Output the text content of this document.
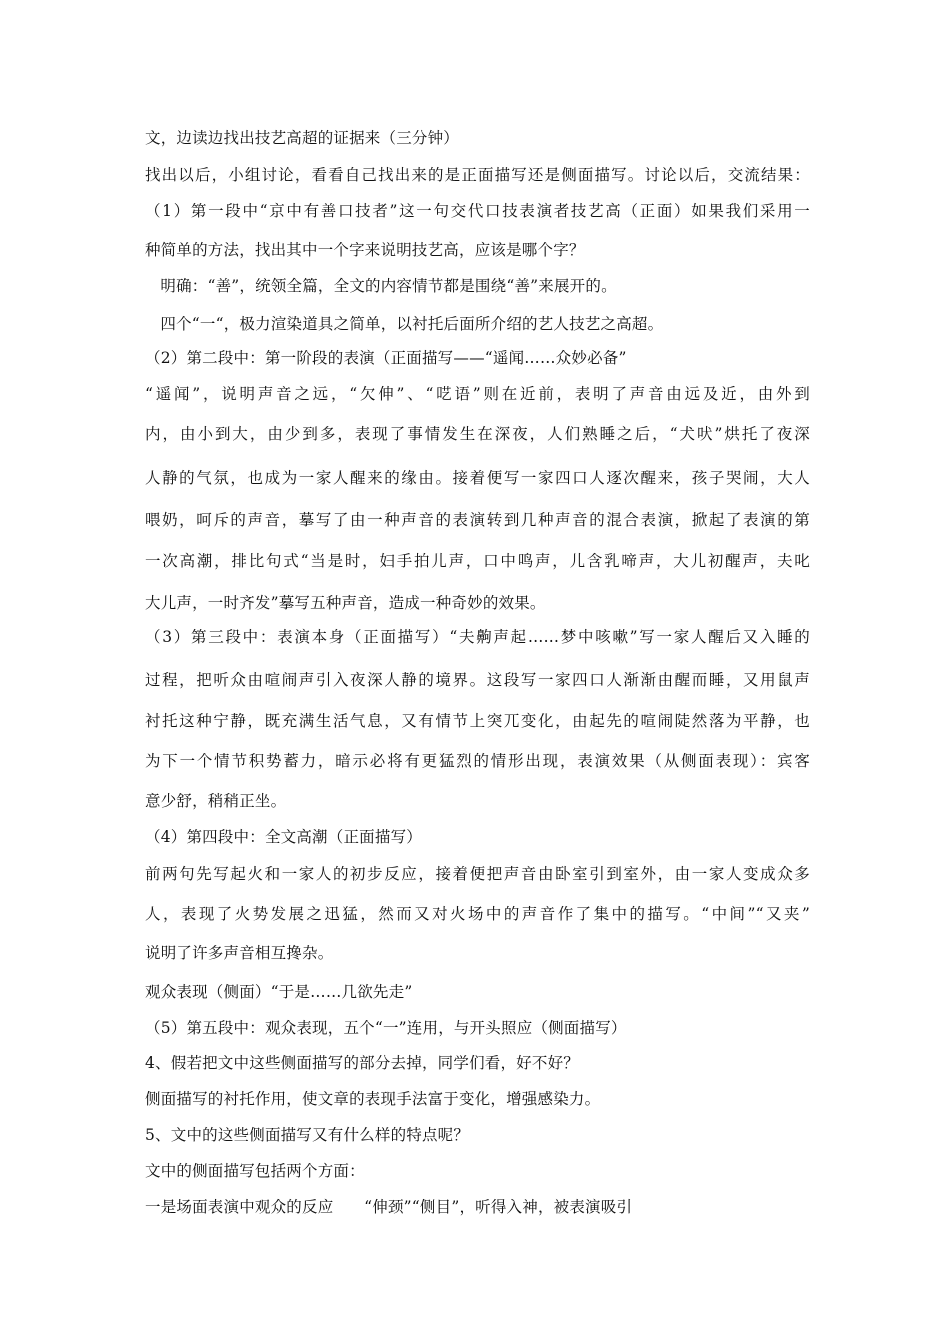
文，边读边找出技艺高超的证据来（三分钟）
找出以后，小组讨论，看看自己找出来的是正面描写还是侧面描写。讨论以后，交流结果：
（1）第一段中“京中有善口技者”这一句交代口技表演者技艺高（正面）如果我们采用一
种简单的方法，找出其中一个字来说明技艺高，应该是哪个字？
明确：“善”，统领全篇，全文的内容情节都是围绕“善”来展开的。
四个“一“，极力渲染道具之简单，以衬托后面所介绍的艺人技艺之高超。
（2）第二段中：第一阶段的表演（正面描写——“遥闻……众妙必备”
“遥闻”，说明声音之远，“欠伸”、“呓语”则在近前，表明了声音由远及近，由外到
内，由小到大，由少到多，表现了事情发生在深夜，人们熟睡之后，“犬吠”烘托了夜深
人静的气氛，也成为一家人醒来的缘由。接着便写一家四口人逐次醒来，孩子哭闹，大人
喂奶，呵斥的声音，摹写了由一种声音的表演转到几种声音的混合表演，掀起了表演的第
一次高潮，排比句式“当是时，妇手拍儿声，口中鸣声，儿含乳啼声，大儿初醒声，夫叱
大儿声，一时齐发”摹写五种声音，造成一种奇妙的效果。
（3）第三段中：表演本身（正面描写）“夫齁声起……梦中咳嗽”写一家人醒后又入睡的
过程，把听众由喧闹声引入夜深人静的境界。这段写一家四口人渐渐由醒而睡，又用鼠声
衬托这种宁静，既充满生活气息，又有情节上突兀变化，由起先的喧闹陡然落为平静，也
为下一个情节积势蓄力，暗示必将有更猛烈的情形出现，表演效果（从侧面表现）：宾客
意少舒，稍稍正坐。
（4）第四段中：全文高潮（正面描写）
前两句先写起火和一家人的初步反应，接着便把声音由卧室引到室外，由一家人变成众多
人，表现了火势发展之迅猛，然而又对火场中的声音作了集中的描写。“中间”“又夹”
说明了许多声音相互搀杂。
观众表现（侧面）“于是……几欲先走”
（5）第五段中：观众表现，五个“一”连用，与开头照应（侧面描写）
4、假若把文中这些侧面描写的部分去掉，同学们看，好不好？
侧面描写的衬托作用，使文章的表现手法富于变化，增强感染力。
5、文中的这些侧面描写又有什么样的特点呢？
文中的侧面描写包括两个方面：
一是场面表演中观众的反应      “伸颈”“侧目”，听得入神，被表演吸引
